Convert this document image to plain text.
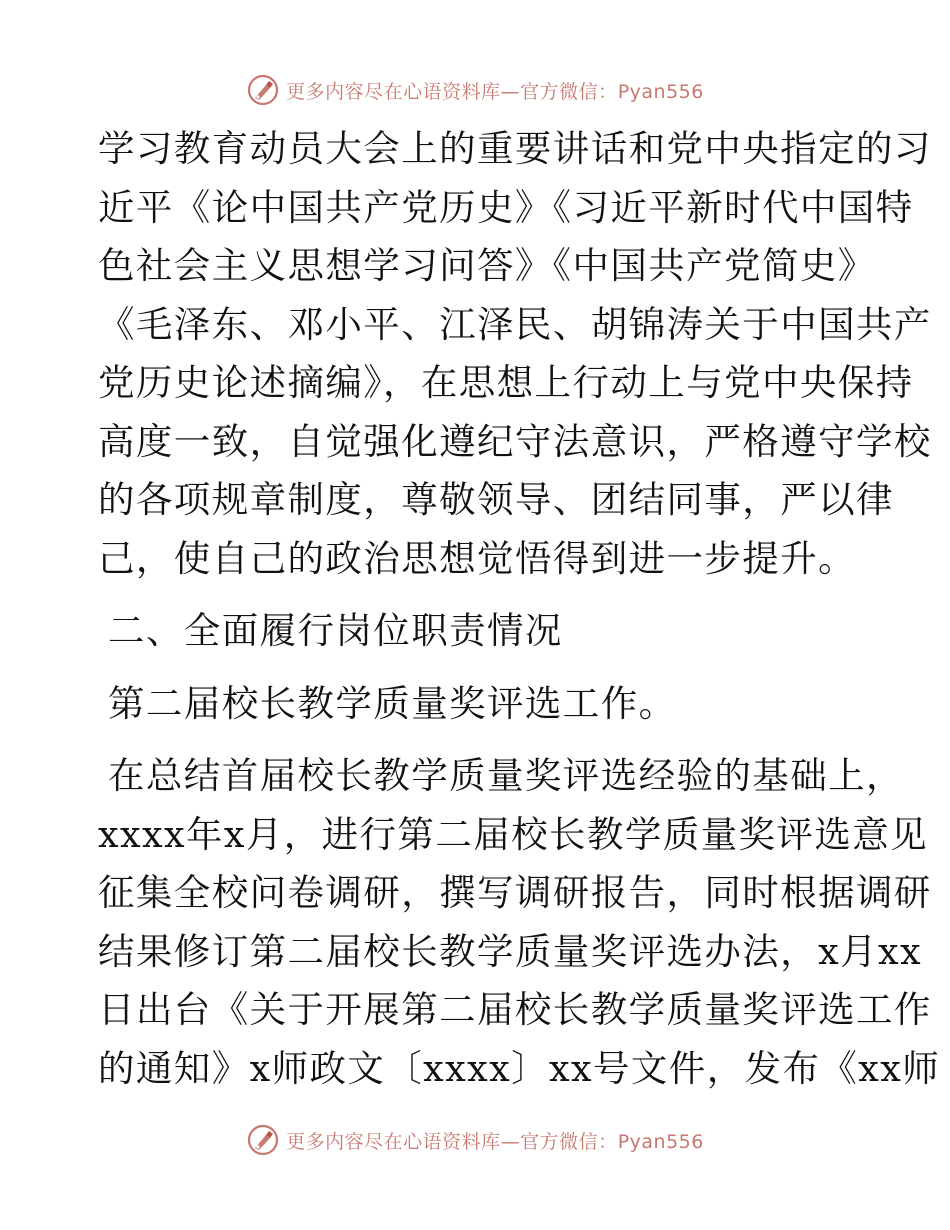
更多内容尽在心语资料库—官方微信：Pyan556
学习教育动员大会上的重要讲话和党中央指定的习
近平《论中国共产党历史》《习近平新时代中国特
色社会主义思想学习问答》《中国共产党简史》
《毛泽东、邓小平、江泽民、胡锦涛关于中国共产
党历史论述摘编》，在思想上行动上与党中央保持
高度一致，自觉强化遵纪守法意识，严格遵守学校
的各项规章制度，尊敬领导、团结同事，严以律
己，使自己的政治思想觉悟得到进一步提升。
二、全面履行岗位职责情况
第二届校长教学质量奖评选工作。
在总结首届校长教学质量奖评选经验的基础上，
xxxx年x月，进行第二届校长教学质量奖评选意见
征集全校问卷调研，撰写调研报告，同时根据调研
结果修订第二届校长教学质量奖评选办法，x月xx
日出台《关于开展第二届校长教学质量奖评选工作
的通知》x师政文〔xxxx〕xx号文件，发布《xx师
更多内容尽在心语资料库—官方微信：Pyan556
